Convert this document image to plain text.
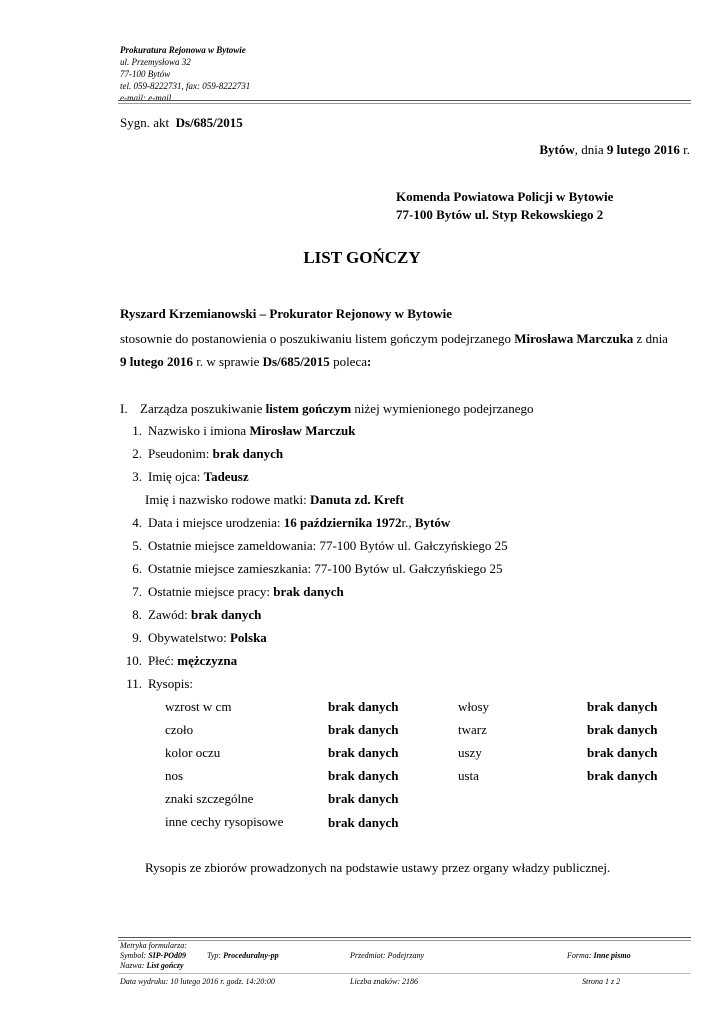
Prokuratura Rejonowa w Bytowie
ul. Przemysłowa 32
77-100 Bytów
tel. 059-8222731, fax: 059-8222731
e-mail: e-mail
Sygn. akt Ds/685/2015
Bytów, dnia 9 lutego 2016 r.
Komenda Powiatowa Policji w Bytowie
77-100 Bytów ul. Styp Rekowskiego 2
LIST GOŃCZY
Ryszard Krzemianowski – Prokurator Rejonowy w Bytowie
stosownie do postanowienia o poszukiwaniu listem gończym podejrzanego Mirosława Marczuka z dnia
9 lutego 2016 r. w sprawie Ds/685/2015 poleca:
I. Zarządza poszukiwanie listem gończym niżej wymienionego podejrzanego
1. Nazwisko i imiona Mirosław Marczuk
2. Pseudonim: brak danych
3. Imię ojca: Tadeusz
Imię i nazwisko rodowe matki: Danuta zd. Kreft
4. Data i miejsce urodzenia: 16 października 1972r., Bytów
5. Ostatnie miejsce zameldowania: 77-100 Bytów ul. Gałczyńskiego 25
6. Ostatnie miejsce zamieszkania: 77-100 Bytów ul. Gałczyńskiego 25
7. Ostatnie miejsce pracy: brak danych
8. Zawód: brak danych
9. Obywatelstwo: Polska
10. Płeć: mężczyzna
11. Rysopis:
wzrost w cm	brak danych	włosy	brak danych
czoło	brak danych	twarz	brak danych
kolor oczu	brak danych	uszy	brak danych
nos	brak danych	usta	brak danych
znaki szczególne	brak danych
inne cechy rysopisowe	brak danych
Rysopis ze zbiorów prowadzonych na podstawie ustawy przez organy władzy publicznej.
Metryka formularza:
Symbol: SIP-POd09	Typ: Proceduralny-pp	Przedmiot: Podejrzany	Forma: Inne pismo
Nazwa: List gończy
Data wydruku: 10 lutego 2016 r. godz. 14:20:00	Liczba znaków: 2186	Strona 1 z 2
